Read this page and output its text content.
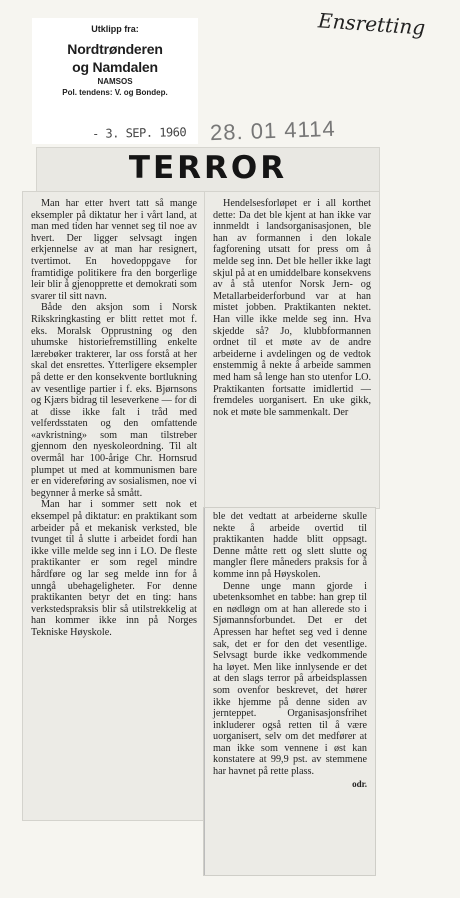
Utklipp fra:
Nordtrønderen
og Namdalen
NAMSOS
Pol. tendens: V. og Bondep.
- 3. SEP. 1960 28. 01 4114
Ensretting
TERROR

Man har etter hvert tatt så mange eksempler på diktatur her i vårt land, at man med tiden har vennet seg til noe av hvert. Der ligger selvsagt ingen erkjennelse av at man har resignert, tvertimot. En hovedoppgave for framtidige politikere fra den borgerlige leir blir å gjenopprette et demokrati som svarer til sitt navn.

Både den aksjon som i Norsk Rikskringkasting er blitt rettet mot f. eks. Moralsk Opprustning og den uhumske historiefremstilling enkelte lærebøker trakterer, lar oss forstå at her skal det ensrettes. Ytterligere eksempler på dette er den konsekvente bortlukning av vesentlige partier i f. eks. Bjørnsons og Kjærs bidrag til leseverkene — for di at disse ikke falt i tråd med velferdsstaten og den omfattende «avkristning» som man tilstreber gjennom den nyeskoleordning. Til alt overmål har 100-årige Chr. Hornsrud plumpet ut med at kommunismen bare er en videreføring av sosialismen, noe vi begynner å merke så smått.

Man har i sommer sett nok et eksempel på diktatur: en praktikant som arbeider på et mekanisk verksted, ble tvunget til å slutte i arbeidet fordi han ikke ville melde seg inn i LO. De fleste praktikanter er som regel mindre hårdføre og lar seg melde inn for å unngå ubehageligheter. For denne praktikanten betyr det en ting: hans verkstedspraksis blir så utilstrekkelig at han kommer ikke inn på Norges Tekniske Høyskole.

Hendelsesforløpet er i all korthet dette: Da det ble kjent at han ikke var innmeldt i landsorganisasjonen, ble han av formannen i den lokale fagforening utsatt for press om å melde seg inn. Det ble heller ikke lagt skjul på at en umiddelbare konsekvens av å stå utenfor Norsk Jern- og Metallarbeiderforbund var at han mistet jobben. Praktikanten nektet. Han ville ikke melde seg inn. Hva skjedde så? Jo, klubbformannen ordnet til et møte av de andre arbeiderne i avdelingen og de vedtok enstemmig å nekte å arbeide sammen med ham så lenge han sto utenfor LO. Praktikanten fortsatte imidlertid — fremdeles uorganisert. En uke gikk, nok et møte ble sammenkalt. Der

ble det vedtatt at arbeiderne skulle nekte å arbeide overtid til praktikanten hadde blitt oppsagt. Denne måtte rett og slett slutte og mangler flere måneders praksis for å komme inn på Høyskolen.

Denne unge mann gjorde i ubetenksomhet en tabbe: han grep til en nødløgn om at han allerede sto i Sjømannsforbundet. Det er det Apressen har heftet seg ved i denne sak, det er for den det vesentlige. Selvsagt burde ikke vedkommende ha løyet. Men like innlysende er det at den slags terror på arbeidsplassen som ovenfor beskrevet, det hører ikke hjemme på denne siden av jernteppet. Organisasjonsfrihet inkluderer også retten til å være uorganisert, selv om det medfører at man ikke som vennene i øst kan konstatere at 99,9 pst. av stemmene har havnet på rette plass.

odr.
